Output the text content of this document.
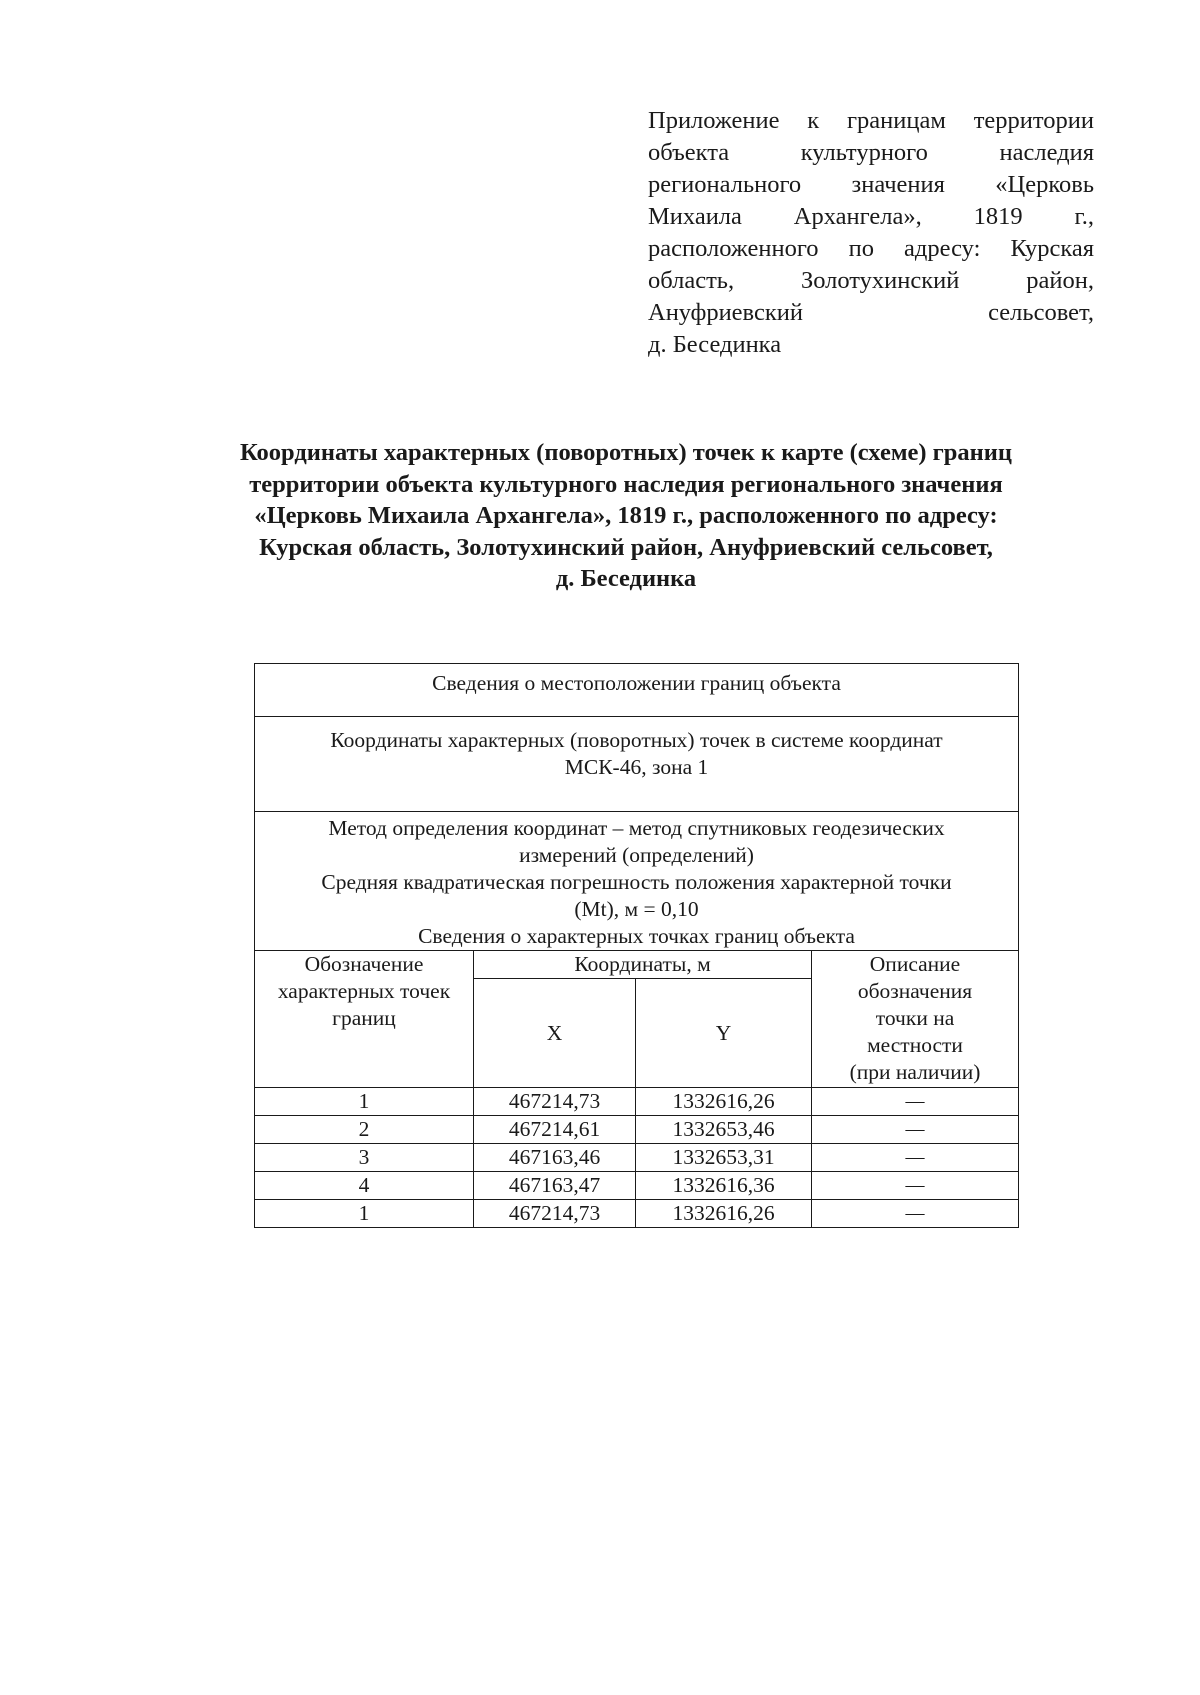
Приложение к границам территории
объекта культурного наследия
регионального значения «Церковь
Михаила Архангела», 1819 г.,
расположенного по адресу: Курская
область, Золотухинский район,
Ануфриевский сельсовет,
д. Бесединка
Координаты характерных (поворотных) точек к карте (схеме) границ
территории объекта культурного наследия регионального значения
«Церковь Михаила Архангела», 1819 г., расположенного по адресу:
Курская область, Золотухинский район, Ануфриевский сельсовет,
д. Бесединка
Сведения о местоположении границ объекта			

Координаты характерных (поворотных) точек в системе координат
МСК-46, зона 1			

Метод определения координат – метод спутниковых геодезических
измерений (определений)
Средняя квадратическая погрешность положения характерной точки
(Mt), м = 0,10
Сведения о характерных точках границ объекта			

Обозначение
характерных точек
границ	Координаты, м		Описание
обозначения
точки на
местности
(при наличии)

	X	Y	
1	467214,73	1332616,26	—
2	467214,61	1332653,46	—
3	467163,46	1332653,31	—
4	467163,47	1332616,36	—
1	467214,73	1332616,26	—
